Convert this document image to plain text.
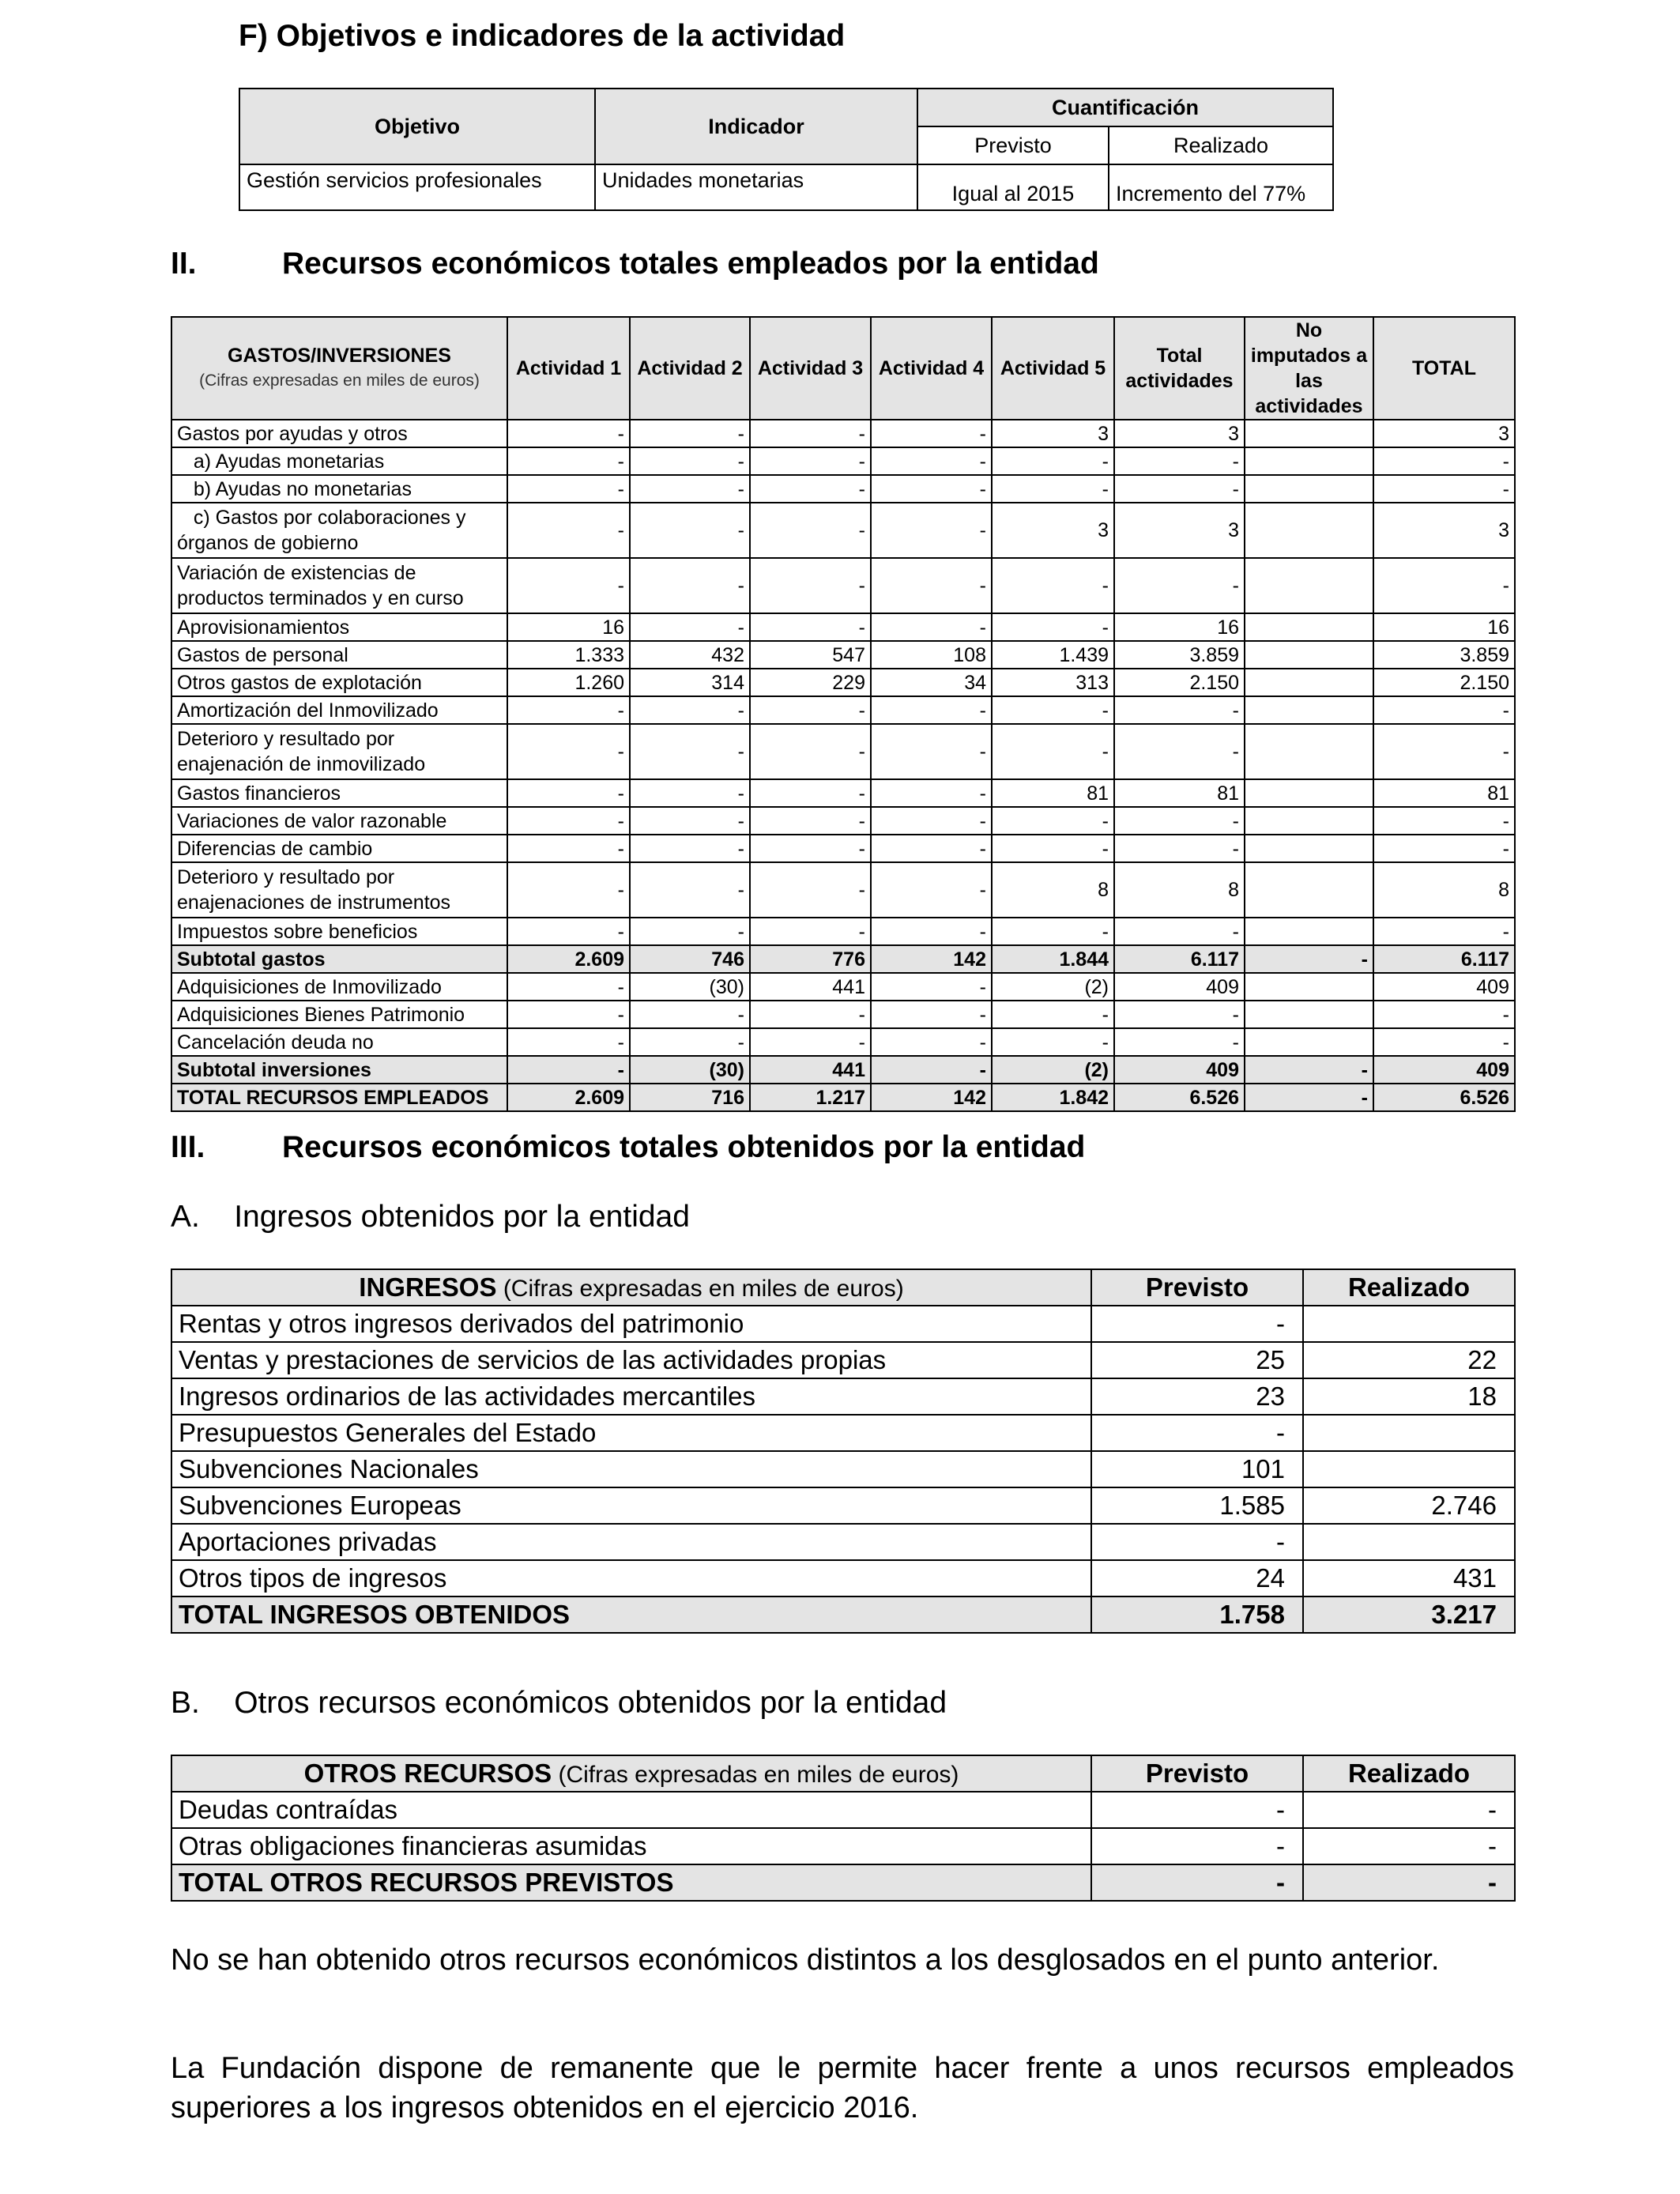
F) Objetivos e indicadores de la actividad
Objetivo	Indicador	Cuantificación	
		Previsto	Realizado
Gestión servicios profesionales	Unidades monetarias	Igual al 2015	Incremento del 77%
II.	Recursos económicos totales empleados por la entidad
GASTOS/INVERSIONES
(Cifras expresadas en miles de euros)	Actividad 1	Actividad 2	Actividad 3	Actividad 4	Actividad 5	Total actividades	No imputados a las actividades	TOTAL
Gastos por ayudas y otros	-	-	-	-	3	3		3
a) Ayudas monetarias	-	-	-	-	-	-		-
b) Ayudas no monetarias	-	-	-	-	-	-		-
c) Gastos por colaboraciones y órganos de gobierno	-	-	-	-	3	3		3
Variación de existencias de productos terminados y en curso	-	-	-	-	-	-		-
Aprovisionamientos	16	-	-	-	-	16		16
Gastos de personal	1.333	432	547	108	1.439	3.859		3.859
Otros gastos de explotación	1.260	314	229	34	313	2.150		2.150
Amortización del Inmovilizado	-	-	-	-	-	-		-
Deterioro y resultado por enajenación de inmovilizado	-	-	-	-	-	-		-
Gastos financieros	-	-	-	-	81	81		81
Variaciones de valor razonable	-	-	-	-	-	-		-
Diferencias de cambio	-	-	-	-	-	-		-
Deterioro y resultado por enajenaciones de instrumentos	-	-	-	-	8	8		8
Impuestos sobre beneficios	-	-	-	-	-	-		-
Subtotal gastos	2.609	746	776	142	1.844	6.117	-	6.117
Adquisiciones de Inmovilizado	-	(30)	441	-	(2)	409		409
Adquisiciones Bienes Patrimonio	-	-	-	-	-	-		-
Cancelación deuda no	-	-	-	-	-	-		-
Subtotal inversiones	-	(30)	441	-	(2)	409	-	409
TOTAL RECURSOS EMPLEADOS	2.609	716	1.217	142	1.842	6.526	-	6.526
III.	Recursos económicos totales obtenidos por la entidad
A.    Ingresos obtenidos por la entidad
INGRESOS (Cifras expresadas en miles de euros)	Previsto	Realizado
Rentas y otros ingresos derivados del patrimonio	-	
Ventas y prestaciones de servicios de las actividades propias	25	22
Ingresos ordinarios de las actividades mercantiles	23	18
Presupuestos Generales del Estado	-	
Subvenciones Nacionales	101	
Subvenciones Europeas	1.585	2.746
Aportaciones privadas	-	
Otros tipos de ingresos	24	431
TOTAL INGRESOS OBTENIDOS	1.758	3.217
B.    Otros recursos económicos obtenidos por la entidad
OTROS RECURSOS (Cifras expresadas en miles de euros)	Previsto	Realizado
Deudas contraídas	-	-
Otras obligaciones financieras asumidas	-	-
TOTAL OTROS RECURSOS PREVISTOS	-	-

No se han obtenido otros recursos económicos distintos a los desglosados en el punto anterior.

La Fundación dispone de remanente que le permite hacer frente a unos recursos empleados superiores a los ingresos obtenidos en el ejercicio 2016.
